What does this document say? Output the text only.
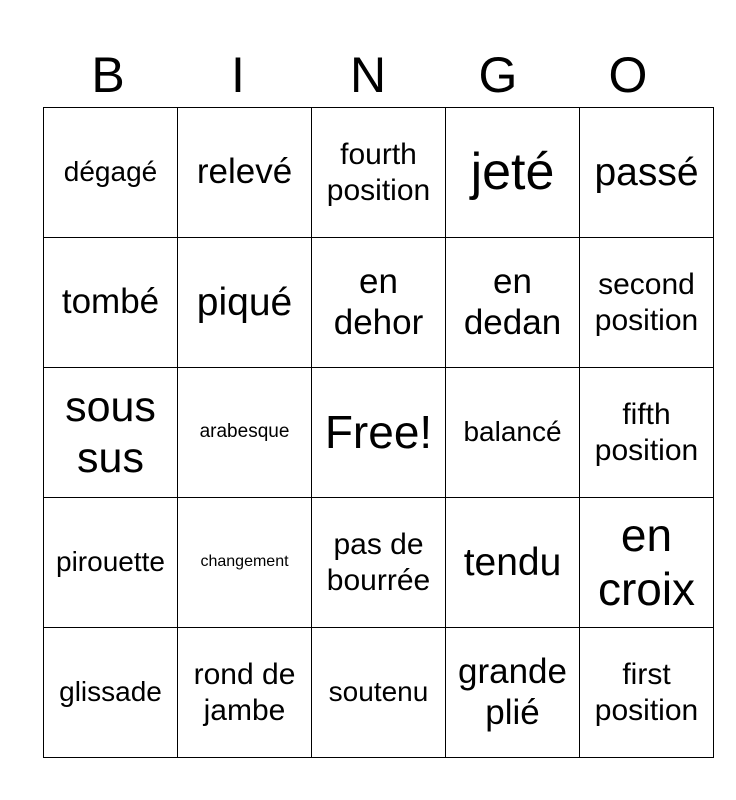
B	I	N	G	O
dégagé	relevé	fourth position	jeté	passé
tombé	piqué	en dehor	en dedan	second position
sous sus	arabesque	Free!	balancé	fifth position
pirouette	changement	pas de bourrée	tendu	en croix
glissade	rond de jambe	soutenu	grande plié	first position
